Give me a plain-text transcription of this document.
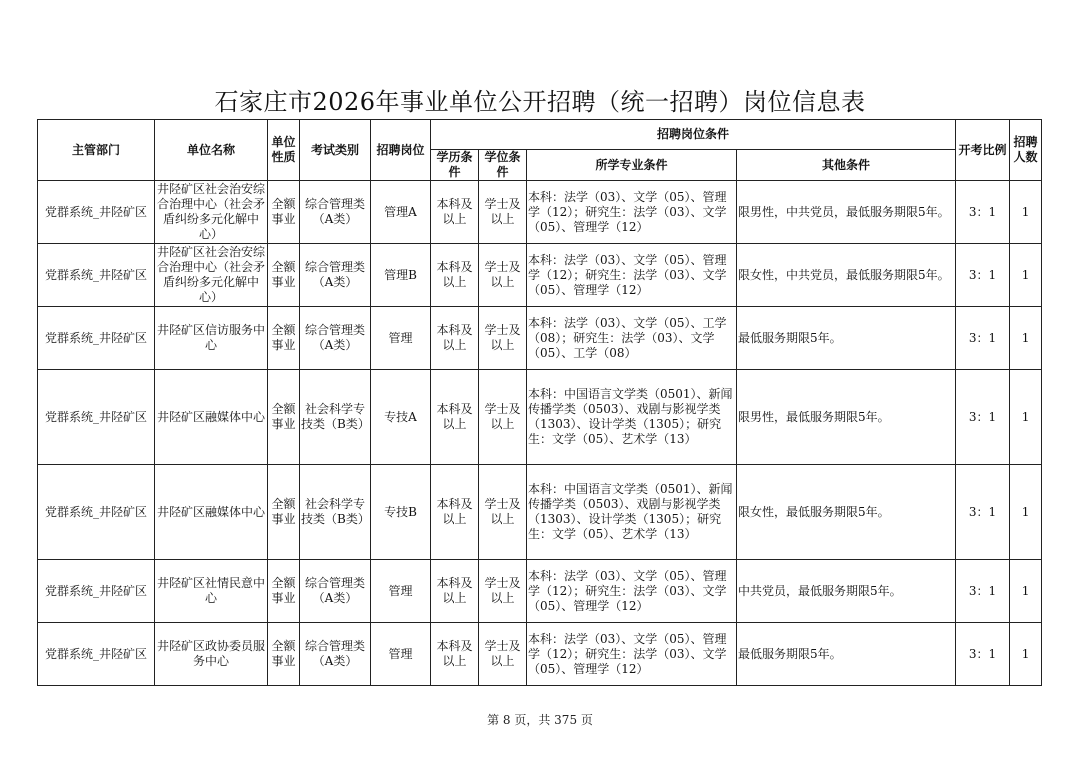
石家庄市2026年事业单位公开招聘（统一招聘）岗位信息表
主管部门	单位名称	单位性质	考试类别	招聘岗位	招聘岗位条件				开考比例	招聘人数
					学历条件	学位条件	所学专业条件	其他条件		
党群系统_井陉矿区	井陉矿区社会治安综合治理中心（社会矛盾纠纷多元化解中心）	全额事业	综合管理类（A类）	管理A	本科及以上	学士及以上	本科：法学（03）、文学（05）、管理学（12）；研究生：法学（03）、文学（05）、管理学（12）	限男性，中共党员，最低服务期限5年。	3：1	1
党群系统_井陉矿区	井陉矿区社会治安综合治理中心（社会矛盾纠纷多元化解中心）	全额事业	综合管理类（A类）	管理B	本科及以上	学士及以上	本科：法学（03）、文学（05）、管理学（12）；研究生：法学（03）、文学（05）、管理学（12）	限女性，中共党员，最低服务期限5年。	3：1	1
党群系统_井陉矿区	井陉矿区信访服务中心	全额事业	综合管理类（A类）	管理	本科及以上	学士及以上	本科：法学（03）、文学（05）、工学（08）；研究生：法学（03）、文学（05）、工学（08）	最低服务期限5年。	3：1	1
党群系统_井陉矿区	井陉矿区融媒体中心	全额事业	社会科学专技类（B类）	专技A	本科及以上	学士及以上	本科：中国语言文学类（0501）、新闻传播学类（0503）、戏剧与影视学类（1303）、设计学类（1305）；研究生：文学（05）、艺术学（13）	限男性，最低服务期限5年。	3：1	1
党群系统_井陉矿区	井陉矿区融媒体中心	全额事业	社会科学专技类（B类）	专技B	本科及以上	学士及以上	本科：中国语言文学类（0501）、新闻传播学类（0503）、戏剧与影视学类（1303）、设计学类（1305）；研究生：文学（05）、艺术学（13）	限女性，最低服务期限5年。	3：1	1
党群系统_井陉矿区	井陉矿区社情民意中心	全额事业	综合管理类（A类）	管理	本科及以上	学士及以上	本科：法学（03）、文学（05）、管理学（12）；研究生：法学（03）、文学（05）、管理学（12）	中共党员，最低服务期限5年。	3：1	1
党群系统_井陉矿区	井陉矿区政协委员服务中心	全额事业	综合管理类（A类）	管理	本科及以上	学士及以上	本科：法学（03）、文学（05）、管理学（12）；研究生：法学（03）、文学（05）、管理学（12）	最低服务期限5年。	3：1	1
第 8 页，共 375 页
